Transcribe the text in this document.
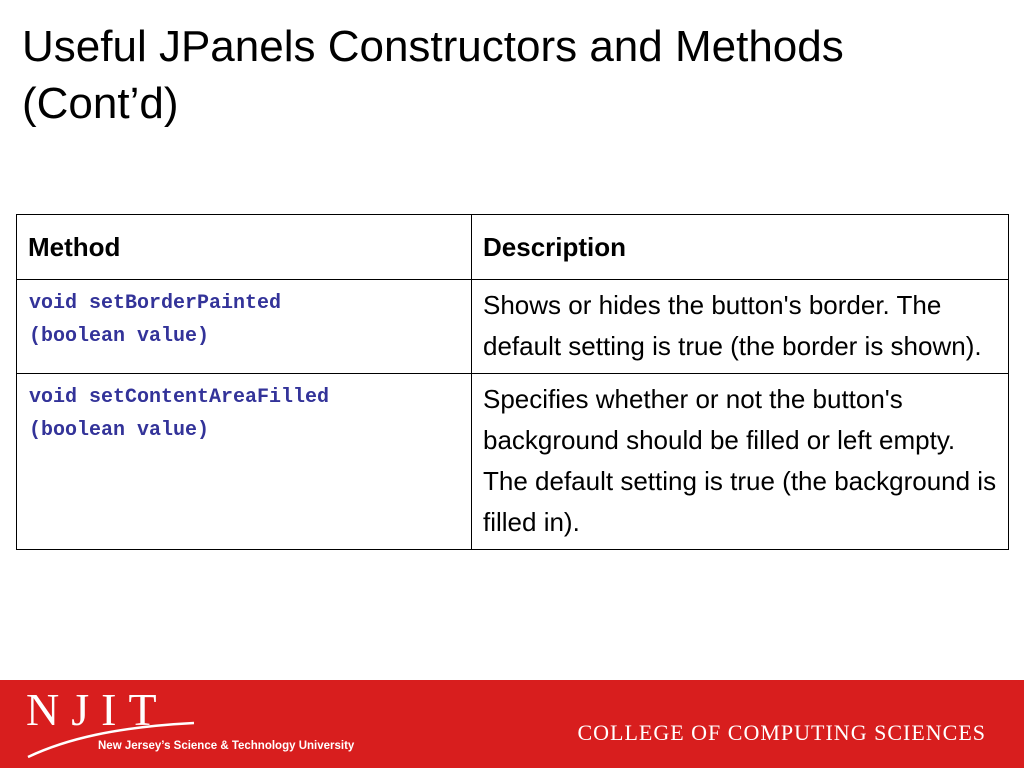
Useful JPanels Constructors and Methods (Cont’d)
Method	Description

void setBorderPainted
(boolean value)	Shows or hides the button's border. The default setting is true (the border is shown).

void setContentAreaFilled
(boolean value)	Specifies whether or not the button's background should be filled or left empty. The default setting is true (the background is filled in).
NJIT
New Jersey’s Science & Technology University
COLLEGE OF COMPUTING SCIENCES
